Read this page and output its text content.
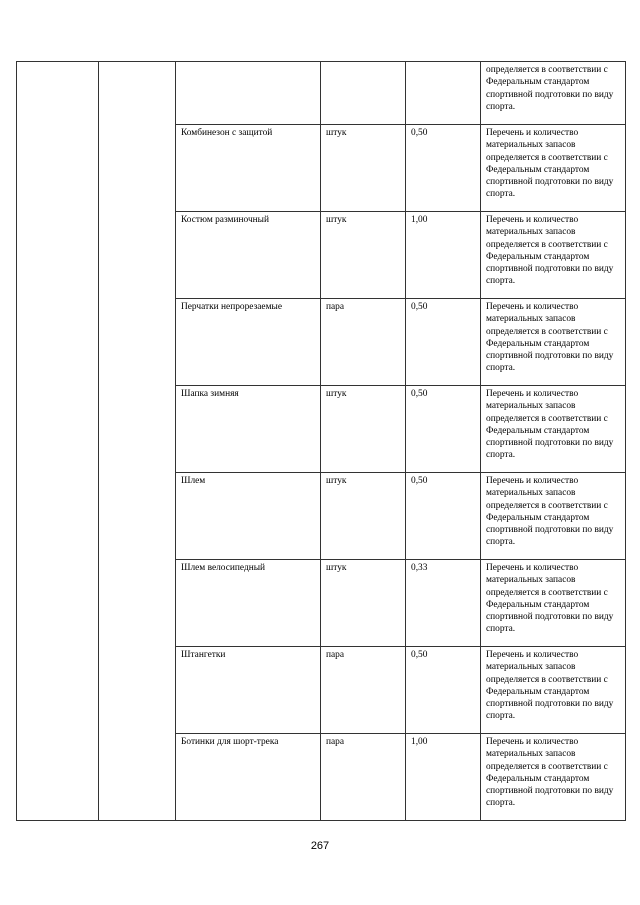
					определяется в соответствии с Федеральным стандартом спортивной подготовки по виду спорта.
		Комбинезон с защитой	штук	0,50	Перечень и количество материальных запасов определяется в соответствии с Федеральным стандартом спортивной подготовки по виду спорта.
		Костюм разминочный	штук	1,00	Перечень и количество материальных запасов определяется в соответствии с Федеральным стандартом спортивной подготовки по виду спорта.
		Перчатки непрорезаемые	пара	0,50	Перечень и количество материальных запасов определяется в соответствии с Федеральным стандартом спортивной подготовки по виду спорта.
		Шапка зимняя	штук	0,50	Перечень и количество материальных запасов определяется в соответствии с Федеральным стандартом спортивной подготовки по виду спорта.
		Шлем	штук	0,50	Перечень и количество материальных запасов определяется в соответствии с Федеральным стандартом спортивной подготовки по виду спорта.
		Шлем велосипедный	штук	0,33	Перечень и количество материальных запасов определяется в соответствии с Федеральным стандартом спортивной подготовки по виду спорта.
		Штангетки	пара	0,50	Перечень и количество материальных запасов определяется в соответствии с Федеральным стандартом спортивной подготовки по виду спорта.
		Ботинки для шорт-трека	пара	1,00	Перечень и количество материальных запасов определяется в соответствии с Федеральным стандартом спортивной подготовки по виду спорта.
267
